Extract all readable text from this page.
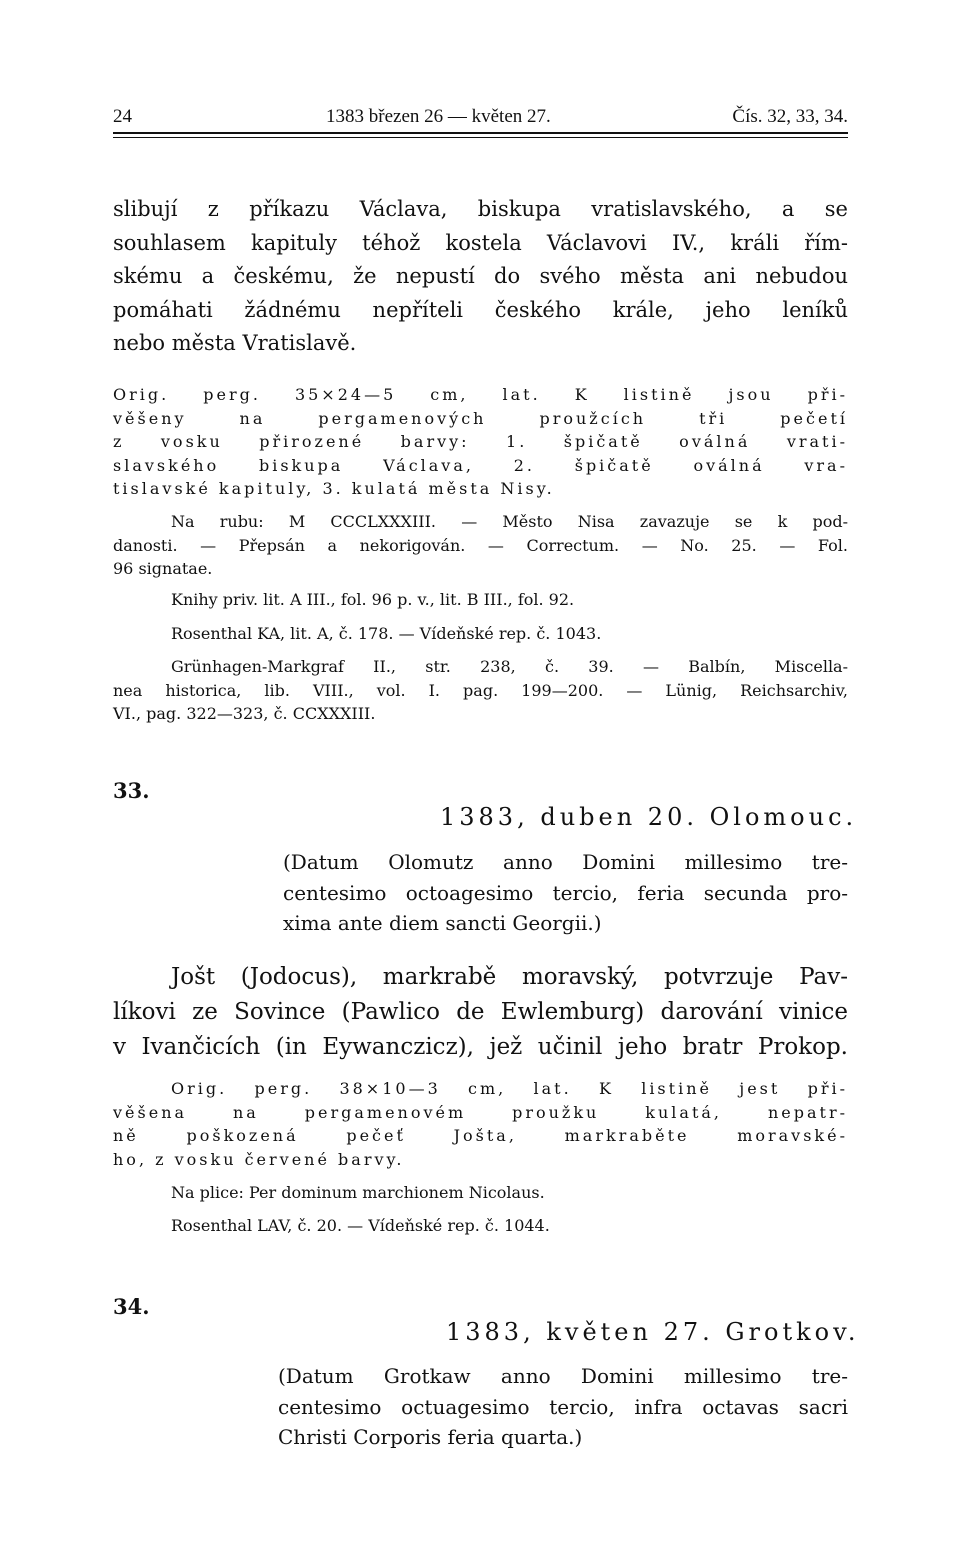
24	1383 březen 26 — květen 27.	Čís. 32, 33, 34.
slibují z příkazu Václava, biskupa vratislavského, a se
souhlasem kapituly téhož kostela Václavovi IV., králi řím-
skému a českému, že nepustí do svého města ani nebudou
pomáhati žádnému nepříteli českého krále, jeho leníků
nebo města Vratislavě.
Orig. perg. 35×24—5 cm, lat. K listině jsou při-
věšeny na pergamenových proužcích tři pečetí
z vosku přirozené barvy: 1. špičatě oválná vrati-
slavského biskupa Václava, 2. špičatě oválná vra-
tislavské kapituly, 3. kulatá města Nisy.
Na rubu: M CCCLXXXIII. — Město Nisa zavazuje se k pod-
danosti. — Přepsán a nekorigován. — Correctum. — No. 25. — Fol.
96 signatae.
Knihy priv. lit. A III., fol. 96 p. v., lit. B III., fol. 92.
Rosenthal KA, lit. A, č. 178. — Vídeňské rep. č. 1043.
Grünhagen-Markgraf II., str. 238, č. 39. — Balbín, Miscella-
nea historica, lib. VIII., vol. I. pag. 199—200. — Lünig, Reichsarchiv,
VI., pag. 322—323, č. CCXXXIII.
33.
1383, duben 20. Olomouc.
(Datum Olomutz anno Domini millesimo tre-
centesimo octoagesimo tercio, feria secunda pro-
xima ante diem sancti Georgii.)
Jošt (Jodocus), markrabě moravský, potvrzuje Pav-
líkovi ze Sovince (Pawlico de Ewlemburg) darování vinice
v Ivančicích (in Eywanczicz), jež učinil jeho bratr Prokop.
Orig. perg. 38×10—3 cm, lat. K listině jest při-
věšena na pergamenovém proužku kulatá, nepatr-
ně poškozená pečeť Jošta, markraběte moravské-
ho, z vosku červené barvy.
Na plice: Per dominum marchionem Nicolaus.
Rosenthal LAV, č. 20. — Vídeňské rep. č. 1044.
34.
1383, květen 27. Grotkov.
(Datum Grotkaw anno Domini millesimo tre-
centesimo octuagesimo tercio, infra octavas sacri
Christi Corporis feria quarta.)
